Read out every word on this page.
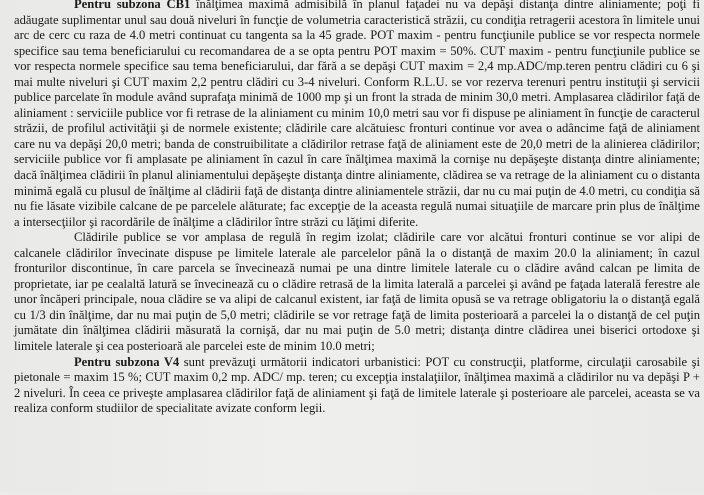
Pentru subzona CB1 înălţimea maximă admisibilă în planul faţadei nu va depăşi distanţa dintre aliniamente; poţi fi adăugate suplimentar unul sau două niveluri în funcţie de volumetria caracteristică străzii, cu condiţia retragerii acestora în limitele unui arc de cerc cu raza de 4.0 metri continuat cu tangenta sa la 45 grade. POT maxim - pentru funcţiunile publice se vor respecta normele specifice sau tema beneficiarului cu recomandarea de a se opta pentru POT maxim = 50%. CUT maxim - pentru funcţiunile publice se vor respecta normele specifice sau tema beneficiarului, dar fără a se depăşi CUT maxim = 2,4 mp.ADC/mp.teren pentru clădiri cu 6 şi mai multe niveluri şi CUT maxim 2,2 pentru clădiri cu 3-4 niveluri. Conform R.L.U. se vor rezerva terenuri pentru instituţii şi servicii publice parcelate în module având suprafaţa minimă de 1000 mp şi un front la strada de minim 30,0 metri. Amplasarea clădirilor faţă de aliniament : serviciile publice vor fi retrase de la aliniament cu minim 10,0 metri sau vor fi dispuse pe aliniament în funcţie de caracterul străzii, de profilul activităţii şi de normele existente; clădirile care alcătuiesc fronturi continue vor avea o adâncime faţă de aliniament care nu va depăşi 20,0 metri; banda de construibilitate a clădirilor retrase faţă de aliniament este de 20,0 metri de la alinierea clădirilor; serviciile publice vor fi amplasate pe aliniament în cazul în care înălţimea maximă la cornişe nu depăşeşte distanţa dintre aliniamente; dacă înălţimea clădirii în planul aliniamentului depăşeşte distanţa dintre aliniamente, clădirea se va retrage de la aliniament cu o distanta minimă egală cu plusul de înălţime al clădirii faţă de distanţa dintre aliniamentele străzii, dar nu cu mai puţin de 4.0 metri, cu condiţia să nu fie lăsate vizibile calcane de pe parcelele alăturate; fac excepţie de la aceasta regulă numai situaţiile de marcare prin plus de înălţime a intersecţiilor şi racordările de înălţime a clădirilor între străzi cu lăţimi diferite.

Clădirile publice se vor amplasa de regulă în regim izolat; clădirile care vor alcătui fronturi continue se vor alipi de calcanele clădirilor învecinate dispuse pe limitele laterale ale parcelelor până la o distanţă de maxim 20.0 la aliniament; în cazul fronturilor discontinue, în care parcela se învecinează numai pe una dintre limitele laterale cu o clădire având calcan pe limita de proprietate, iar pe cealaltă latură se învecinează cu o clădire retrasă de la limita laterală a parcelei şi având pe faţada laterală ferestre ale unor încăperi principale, noua clădire se va alipi de calcanul existent, iar faţă de limita opusă se va retrage obligatoriu la o distanţă egală cu 1/3 din înălţime, dar nu mai puţin de 5,0 metri; clădirile se vor retrage faţă de limita posterioară a parcelei la o distanţă de cel puţin jumătate din înălţimea clădirii măsurată la cornişă, dar nu mai puţin de 5.0 metri; distanţa dintre clădirea unei biserici ortodoxe şi limitele laterale şi cea posterioară ale parcelei este de minim 10.0 metri;

Pentru subzona V4 sunt prevăzuţi următorii indicatori urbanistici: POT cu construcţii, platforme, circulaţii carosabile şi pietonale = maxim 15 %; CUT maxim 0,2 mp. ADC/ mp. teren; cu excepţia instalaţiilor, înălţimea maximă a clădirilor nu va depăşi P + 2 niveluri. În ceea ce priveşte amplasarea clădirilor faţă de aliniament şi faţă de limitele laterale şi posterioare ale parcelei, aceasta se va realiza conform studiilor de specialitate avizate conform legii.
